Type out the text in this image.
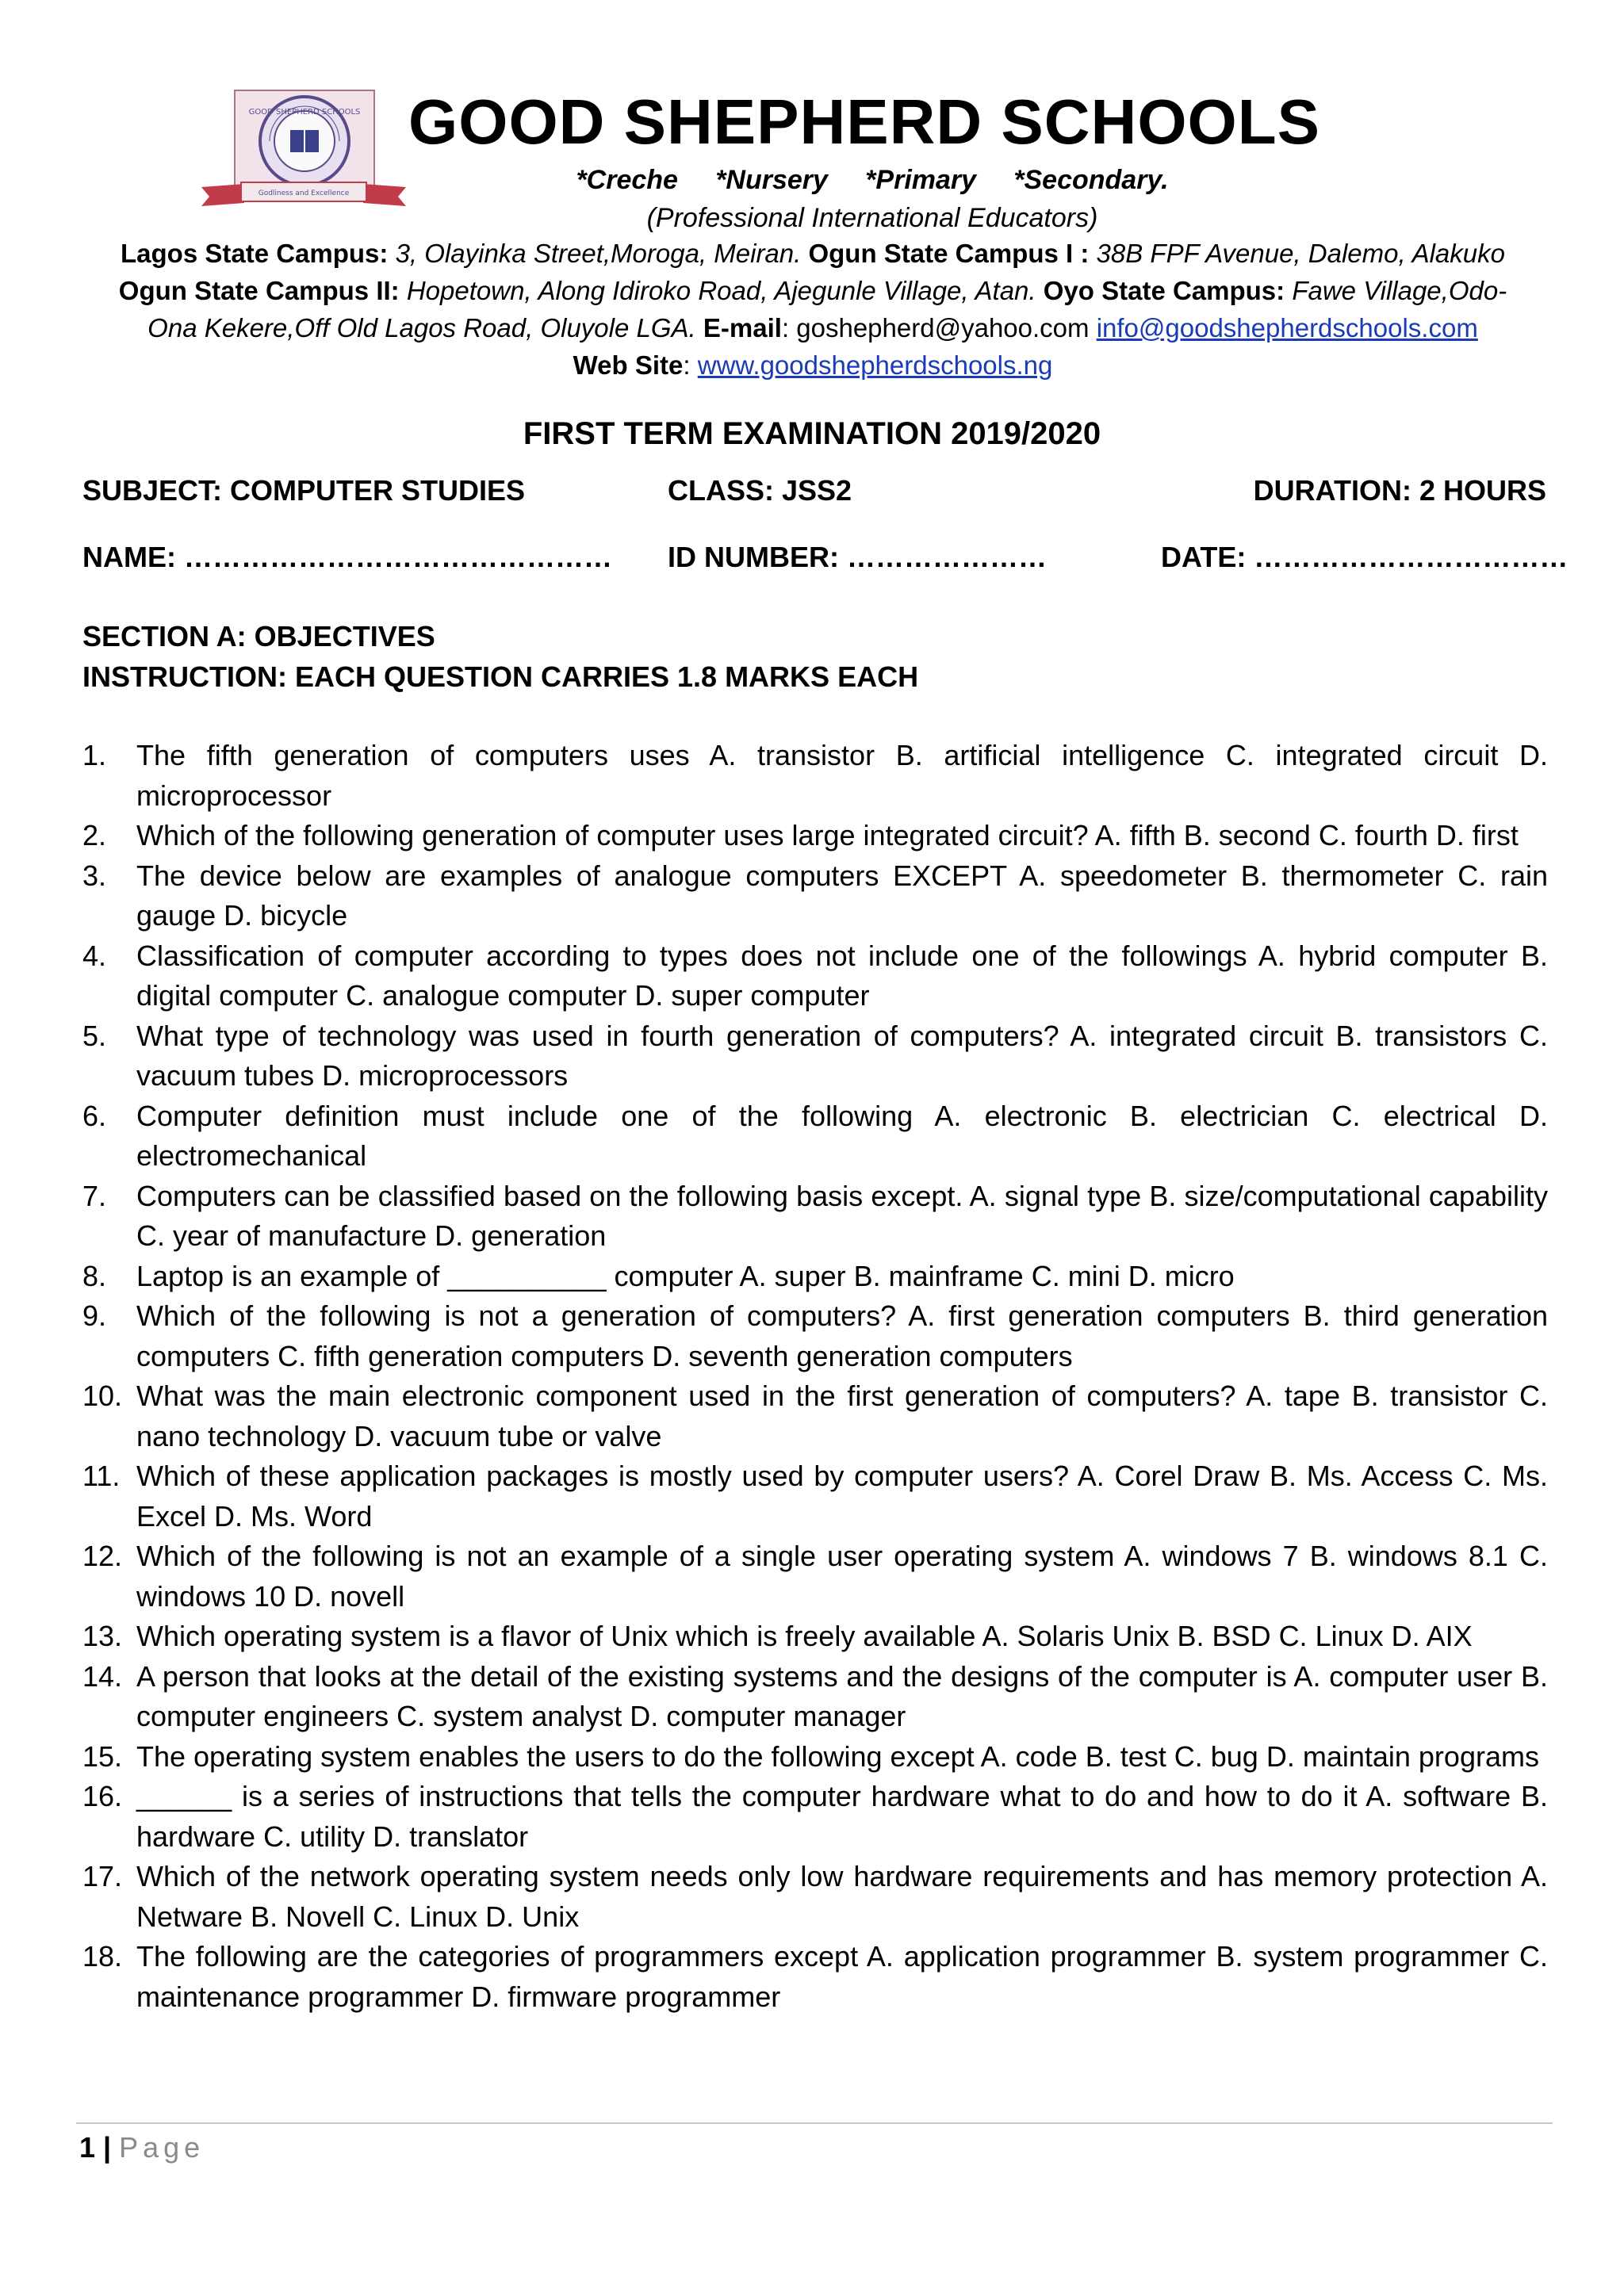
GOOD SHEPHERD SCHOOLS
Godliness and Excellence
GOOD SHEPHERD SCHOOLS
*Creche     *Nursery     *Primary     *Secondary.
(Professional International Educators)
Lagos State Campus: 3, Olayinka Street,Moroga, Meiran. Ogun State Campus I : 38B FPF Avenue, Dalemo, Alakuko
Ogun State Campus II: Hopetown, Along Idiroko Road, Ajegunle Village, Atan. Oyo State Campus: Fawe Village,Odo-
Ona Kekere,Off Old Lagos Road, Oluyole LGA. E-mail: goshepherd@yahoo.com info@goodshepherdschools.com
Web Site: www.goodshepherdschools.ng
FIRST TERM EXAMINATION 2019/2020
SUBJECT: COMPUTER STUDIES	CLASS: JSS2	DURATION: 2 HOURS
NAME: ……………………………………… ID NUMBER: …………………	DATE: ……………………………
SECTION A: OBJECTIVES
INSTRUCTION: EACH QUESTION CARRIES 1.8 MARKS EACH
1. The fifth generation of computers uses A. transistor B. artificial intelligence C. integrated circuit D. microprocessor
2. Which of the following generation of computer uses large integrated circuit? A. fifth B. second C. fourth D. first
3. The device below are examples of analogue computers EXCEPT A. speedometer B. thermometer C. rain gauge D. bicycle
4. Classification of computer according to types does not include one of the followings A. hybrid computer B. digital computer C. analogue computer D. super computer
5. What type of technology was used in fourth generation of computers? A. integrated circuit B. transistors C. vacuum tubes D. microprocessors
6. Computer definition must include one of the following A. electronic B. electrician C. electrical D. electromechanical
7. Computers can be classified based on the following basis except. A. signal type B. size/computational capability C. year of manufacture D. generation
8. Laptop is an example of __________ computer A. super B. mainframe C. mini D. micro
9. Which of the following is not a generation of computers? A. first generation computers B. third generation computers C. fifth generation computers D. seventh generation computers
10. What was the main electronic component used in the first generation of computers? A. tape B. transistor C. nano technology D. vacuum tube or valve
11. Which of these application packages is mostly used by computer users? A. Corel Draw B. Ms. Access C. Ms. Excel D. Ms. Word
12. Which of the following is not an example of a single user operating system A. windows 7 B. windows 8.1 C. windows 10 D. novell
13. Which operating system is a flavor of Unix which is freely available A. Solaris Unix B. BSD C. Linux D. AIX
14. A person that looks at the detail of the existing systems and the designs of the computer is A. computer user B. computer engineers C. system analyst D. computer manager
15. The operating system enables the users to do the following except A. code B. test C. bug D. maintain programs
16. ______ is a series of instructions that tells the computer hardware what to do and how to do it A. software B. hardware C. utility D. translator
17. Which of the network operating system needs only low hardware requirements and has memory protection A. Netware B. Novell C. Linux D. Unix
18. The following are the categories of programmers except A. application programmer B. system programmer C. maintenance programmer D. firmware programmer
1 | Page
